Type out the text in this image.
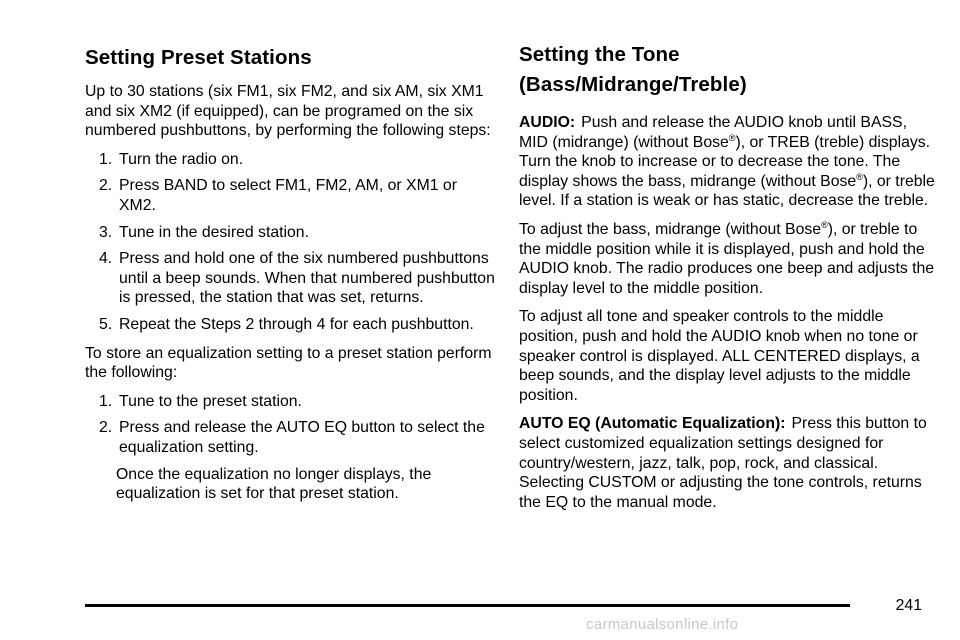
Setting Preset Stations

Up to 30 stations (six FM1, six FM2, and six AM, six XM1 and six XM2 (if equipped), can be programed on the six numbered pushbuttons, by performing the following steps:

1. Turn the radio on.
2. Press BAND to select FM1, FM2, AM, or XM1 or XM2.
3. Tune in the desired station.
4. Press and hold one of the six numbered pushbuttons until a beep sounds. When that numbered pushbutton is pressed, the station that was set, returns.
5. Repeat the Steps 2 through 4 for each pushbutton.

To store an equalization setting to a preset station perform the following:

1. Tune to the preset station.
2. Press and release the AUTO EQ button to select the equalization setting.
Once the equalization no longer displays, the equalization is set for that preset station.
Setting the Tone
(Bass/Midrange/Treble)

AUDIO: Push and release the AUDIO knob until BASS, MID (midrange) (without Bose®), or TREB (treble) displays. Turn the knob to increase or to decrease the tone. The display shows the bass, midrange (without Bose®), or treble level. If a station is weak or has static, decrease the treble.

To adjust the bass, midrange (without Bose®), or treble to the middle position while it is displayed, push and hold the AUDIO knob. The radio produces one beep and adjusts the display level to the middle position.

To adjust all tone and speaker controls to the middle position, push and hold the AUDIO knob when no tone or speaker control is displayed. ALL CENTERED displays, a beep sounds, and the display level adjusts to the middle position.

AUTO EQ (Automatic Equalization): Press this button to select customized equalization settings designed for country/western, jazz, talk, pop, rock, and classical. Selecting CUSTOM or adjusting the tone controls, returns the EQ to the manual mode.

241
carmanualsonline.info
